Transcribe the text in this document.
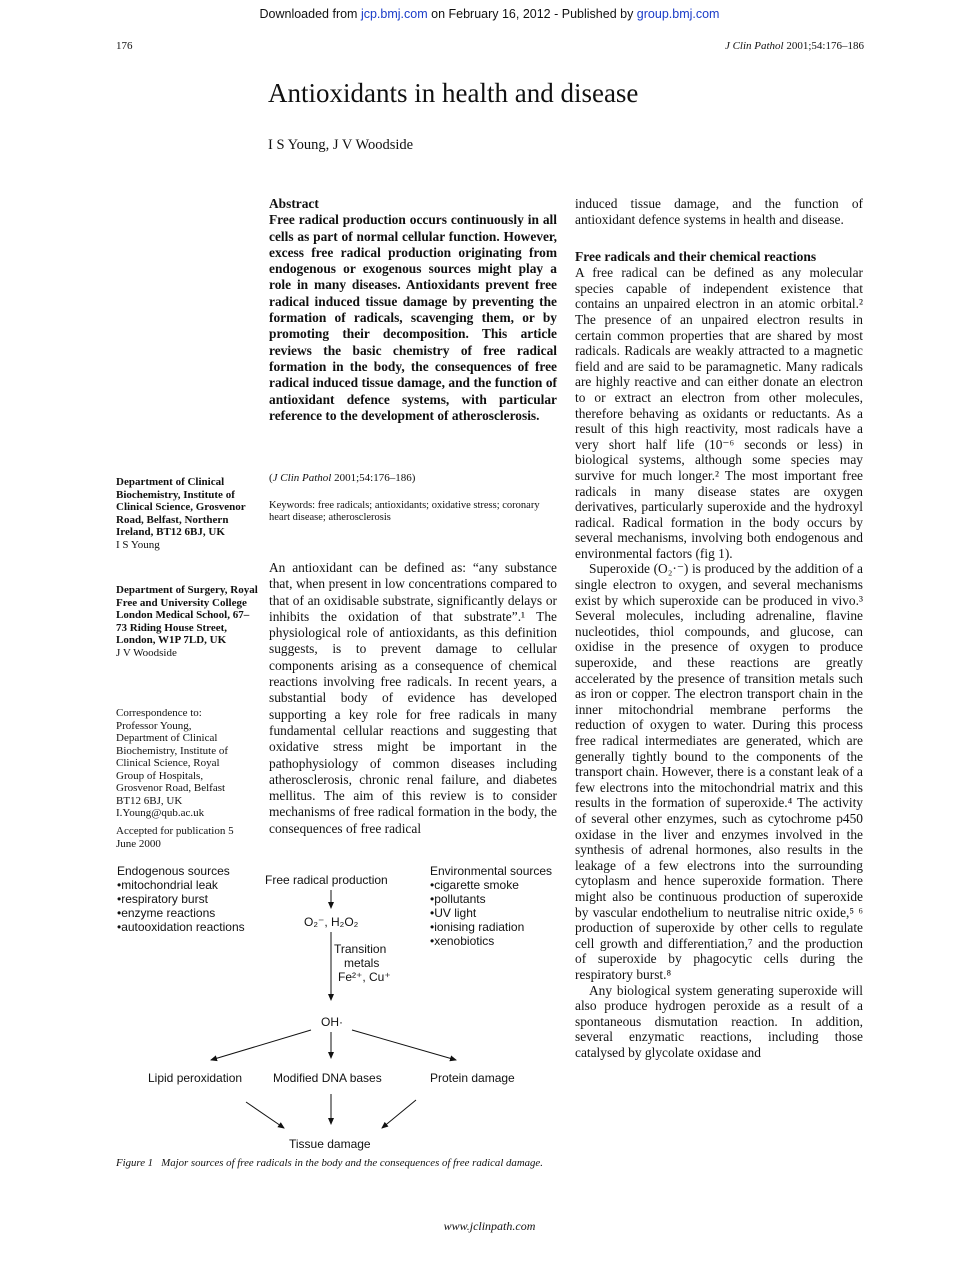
Downloaded from jcp.bmj.com on February 16, 2012 - Published by group.bmj.com
176	J Clin Pathol 2001;54:176–186
Antioxidants in health and disease
I S Young, J V Woodside
Abstract
Free radical production occurs continuously in all cells as part of normal cellular function. However, excess free radical production originating from endogenous or exogenous sources might play a role in many diseases. Antioxidants prevent free radical induced tissue damage by preventing the formation of radicals, scavenging them, or by promoting their decomposition. This article reviews the basic chemistry of free radical formation in the body, the consequences of free radical induced tissue damage, and the function of antioxidant defence systems, with particular reference to the development of atherosclerosis.
(J Clin Pathol 2001;54:176–186)
Keywords: free radicals; antioxidants; oxidative stress; coronary heart disease; atherosclerosis
An antioxidant can be defined as: “any substance that, when present in low concentrations compared to that of an oxidisable substrate, significantly delays or inhibits the oxidation of that substrate”.¹ The physiological role of antioxidants, as this definition suggests, is to prevent damage to cellular components arising as a consequence of chemical reactions involving free radicals. In recent years, a substantial body of evidence has developed supporting a key role for free radicals in many fundamental cellular reactions and suggesting that oxidative stress might be important in the pathophysiology of common diseases including atherosclerosis, chronic renal failure, and diabetes mellitus. The aim of this review is to consider mechanisms of free radical formation in the body, the consequences of free radical
Department of Clinical Biochemistry, Institute of Clinical Science, Grosvenor Road, Belfast, Northern Ireland, BT12 6BJ, UK
I S Young
Department of Surgery, Royal Free and University College London Medical School, 67–73 Riding House Street, London, W1P 7LD, UK
J V Woodside
Correspondence to: Professor Young, Department of Clinical Biochemistry, Institute of Clinical Science, Royal Group of Hospitals, Grosvenor Road, Belfast BT12 6BJ, UK I.Young@qub.ac.uk
Accepted for publication 5 June 2000

induced tissue damage, and the function of antioxidant defence systems in health and disease.

Free radicals and their chemical reactions

A free radical can be defined as any molecular species capable of independent existence that contains an unpaired electron in an atomic orbital.² The presence of an unpaired electron results in certain common properties that are shared by most radicals. Radicals are weakly attracted to a magnetic field and are said to be paramagnetic. Many radicals are highly reactive and can either donate an electron to or extract an electron from other molecules, therefore behaving as oxidants or reductants. As a result of this high reactivity, most radicals have a very short half life (10⁻⁶ seconds or less) in biological systems, although some species may survive for much longer.² The most important free radicals in many disease states are oxygen derivatives, particularly superoxide and the hydroxyl radical. Radical formation in the body occurs by several mechanisms, involving both endogenous and environmental factors (fig 1).

Superoxide (O₂·⁻) is produced by the addition of a single electron to oxygen, and several mechanisms exist by which superoxide can be produced in vivo.³ Several molecules, including adrenaline, flavine nucleotides, thiol compounds, and glucose, can oxidise in the presence of oxygen to produce superoxide, and these reactions are greatly accelerated by the presence of transition metals such as iron or copper. The electron transport chain in the inner mitochondrial membrane performs the reduction of oxygen to water. During this process free radical intermediates are generated, which are generally tightly bound to the components of the transport chain. However, there is a constant leak of a few electrons into the mitochondrial matrix and this results in the formation of superoxide.⁴ The activity of several other enzymes, such as cytochrome p450 oxidase in the liver and enzymes involved in the synthesis of adrenal hormones, also results in the leakage of a few electrons into the surrounding cytoplasm and hence superoxide formation. There might also be continuous production of superoxide by vascular endothelium to neutralise nitric oxide,⁵ ⁶ production of superoxide by other cells to regulate cell growth and differentiation,⁷ and the production of superoxide by phagocytic cells during the respiratory burst.⁸

Any biological system generating superoxide will also produce hydrogen peroxide as a result of a spontaneous dismutation reaction. In addition, several enzymatic reactions, including those catalysed by glycolate oxidase and

Endogenous sources
•mitochondrial leak
•respiratory burst
•enzyme reactions
•autooxidation reactions
Free radical production
Environmental sources
•cigarette smoke
•pollutants
•UV light
•ionising radiation
•xenobiotics
O₂⁻, H₂O₂
Transition
metals
Fe²⁺, Cu⁺
OH·
Lipid peroxidation	Modified DNA bases	Protein damage
Tissue damage
Figure 1 Major sources of free radicals in the body and the consequences of free radical damage.
www.jclinpath.com
